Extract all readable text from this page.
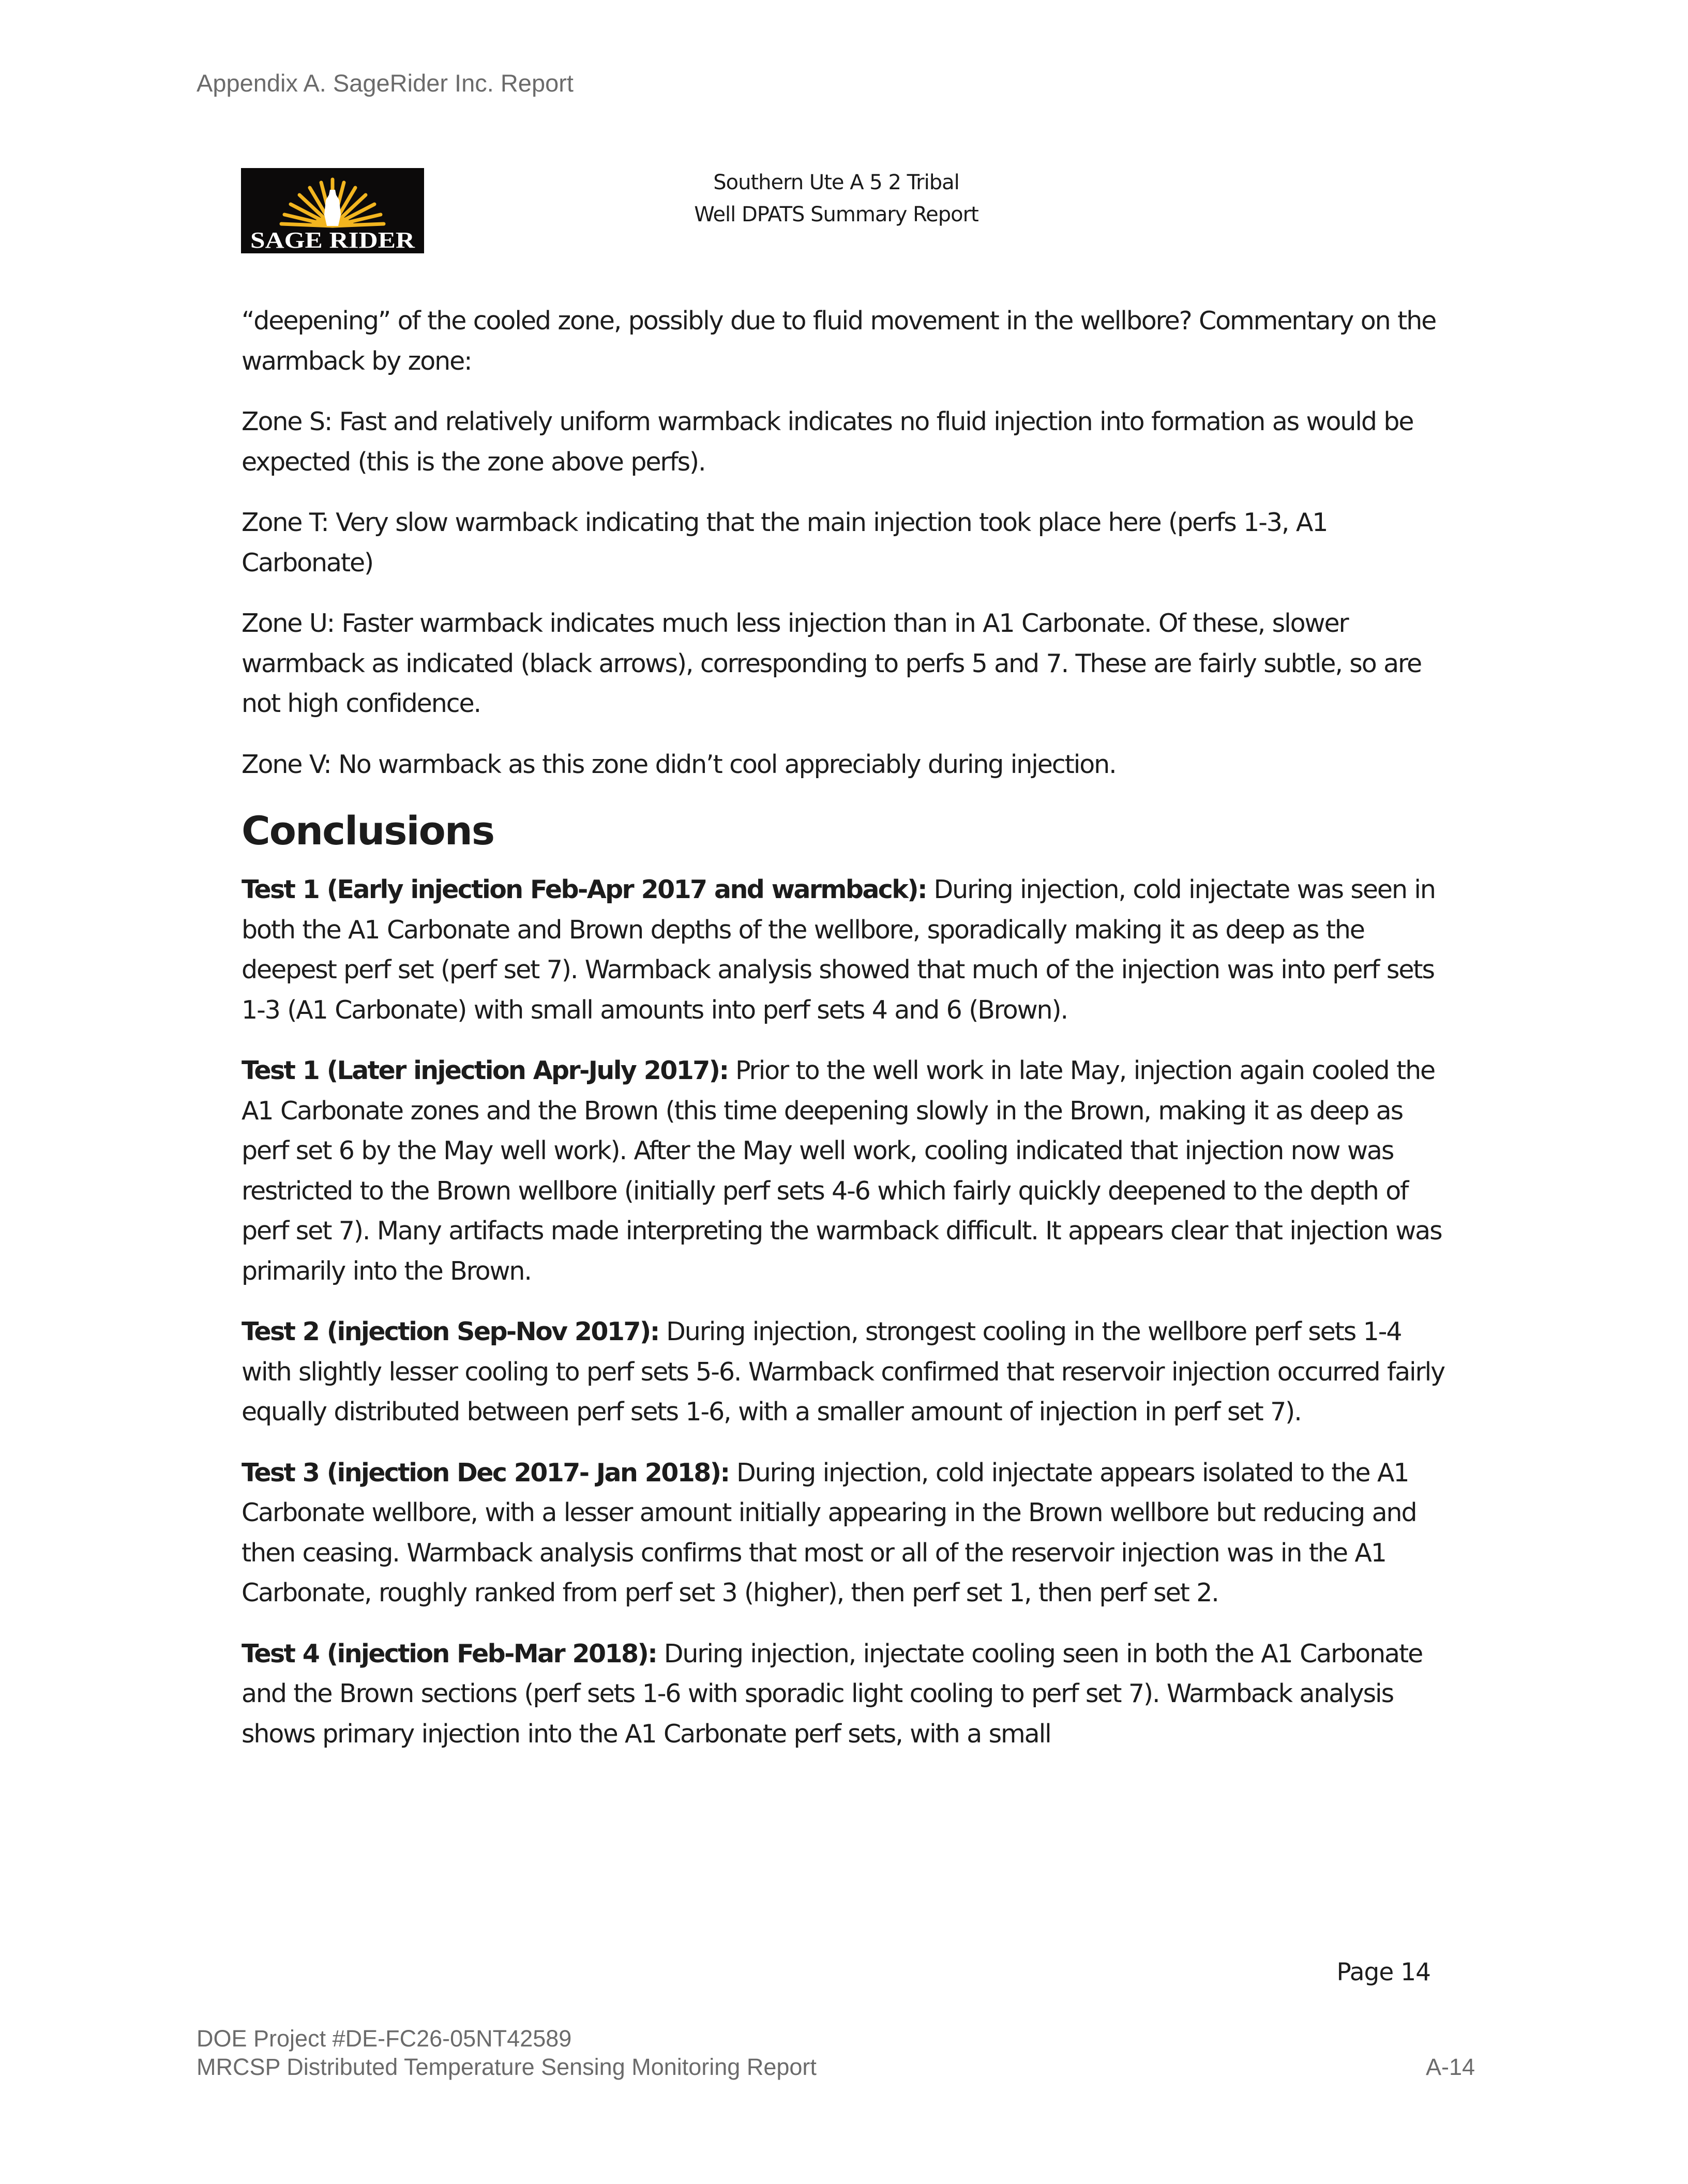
Appendix A. SageRider Inc. Report
SAGE RIDER
Southern Ute A 5 2 Tribal
Well DPATS Summary Report

“deepening” of the cooled zone, possibly due to fluid movement in the wellbore? Commentary on the warmback by zone:

Zone S: Fast and relatively uniform warmback indicates no fluid injection into formation as would be expected (this is the zone above perfs).

Zone T: Very slow warmback indicating that the main injection took place here (perfs 1-3, A1 Carbonate)

Zone U: Faster warmback indicates much less injection than in A1 Carbonate. Of these, slower warmback as indicated (black arrows), corresponding to perfs 5 and 7. These are fairly subtle, so are not high confidence.

Zone V: No warmback as this zone didn’t cool appreciably during injection.

Conclusions

Test 1 (Early injection Feb-Apr 2017 and warmback): During injection, cold injectate was seen in both the A1 Carbonate and Brown depths of the wellbore, sporadically making it as deep as the deepest perf set (perf set 7). Warmback analysis showed that much of the injection was into perf sets 1-3 (A1 Carbonate) with small amounts into perf sets 4 and 6 (Brown).

Test 1 (Later injection Apr-July 2017): Prior to the well work in late May, injection again cooled the A1 Carbonate zones and the Brown (this time deepening slowly in the Brown, making it as deep as perf set 6 by the May well work). After the May well work, cooling indicated that injection now was restricted to the Brown wellbore (initially perf sets 4-6 which fairly quickly deepened to the depth of perf set 7). Many artifacts made interpreting the warmback difficult. It appears clear that injection was primarily into the Brown.

Test 2 (injection Sep-Nov 2017): During injection, strongest cooling in the wellbore perf sets 1-4 with slightly lesser cooling to perf sets 5-6. Warmback confirmed that reservoir injection occurred fairly equally distributed between perf sets 1-6, with a smaller amount of injection in perf set 7).

Test 3 (injection Dec 2017- Jan 2018): During injection, cold injectate appears isolated to the A1 Carbonate wellbore, with a lesser amount initially appearing in the Brown wellbore but reducing and then ceasing. Warmback analysis confirms that most or all of the reservoir injection was in the A1 Carbonate, roughly ranked from perf set 3 (higher), then perf set 1, then perf set 2.

Test 4 (injection Feb-Mar 2018): During injection, injectate cooling seen in both the A1 Carbonate and the Brown sections (perf sets 1-6 with sporadic light cooling to perf set 7). Warmback analysis shows primary injection into the A1 Carbonate perf sets, with a small

Page 14
DOE Project #DE-FC26-05NT42589
MRCSP Distributed Temperature Sensing Monitoring Report	A-14
